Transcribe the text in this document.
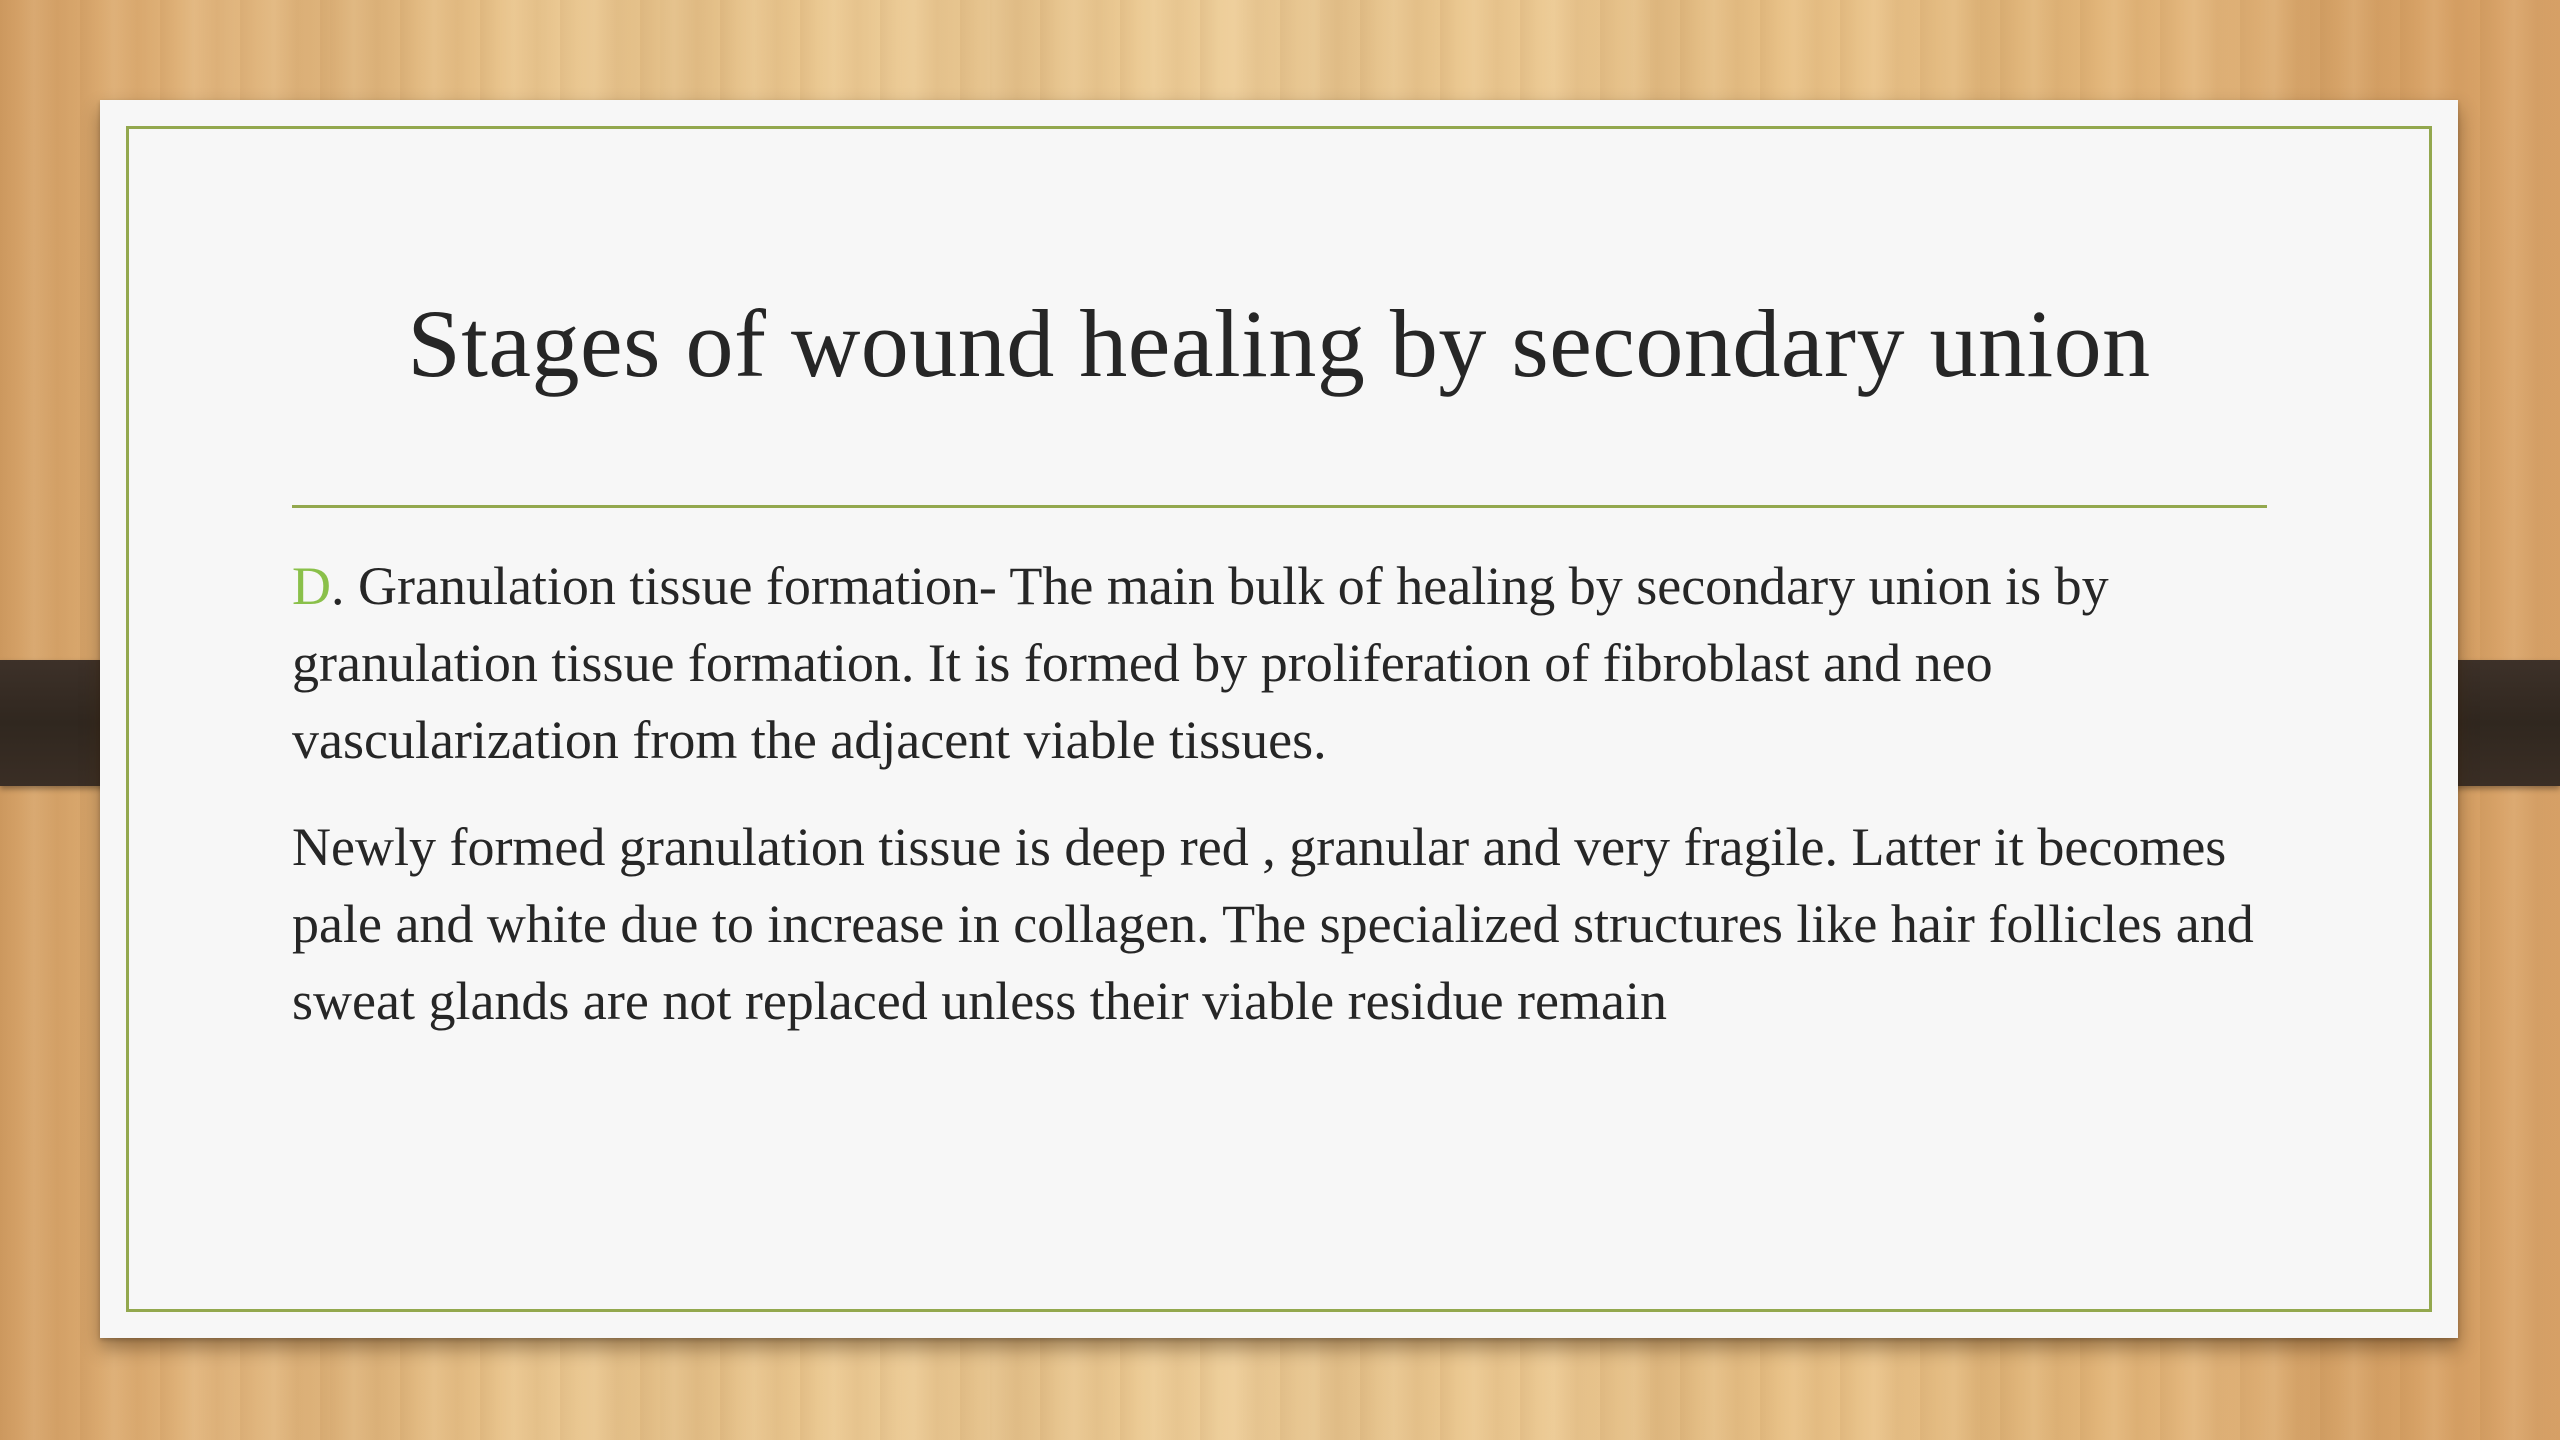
Stages of wound healing by secondary union

D. Granulation tissue formation- The main bulk of healing by secondary union is by granulation tissue formation. It is formed by proliferation of fibroblast and neo vascularization from the adjacent viable tissues.

Newly formed granulation tissue is deep red , granular and very fragile. Latter it becomes pale and white due to increase in collagen. The specialized structures like hair follicles and sweat glands are not replaced unless their viable residue remain
